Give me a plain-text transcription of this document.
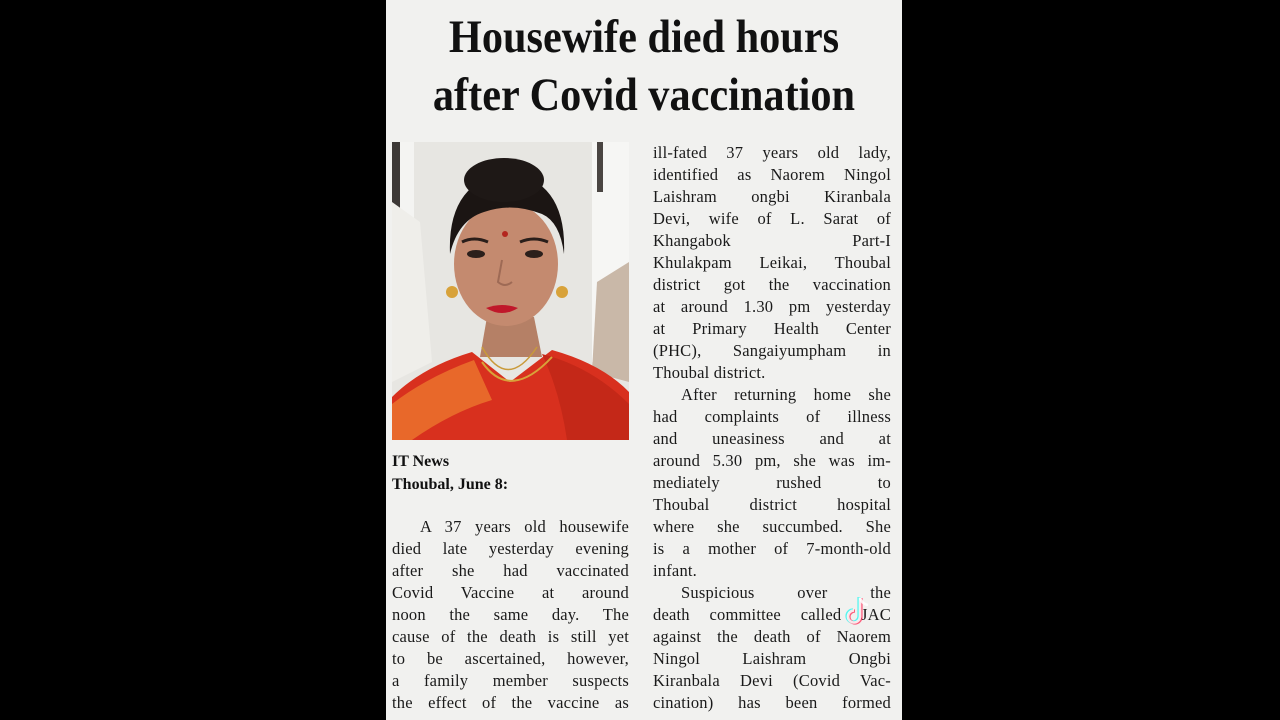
Housewife died hours
after Covid vaccination
IT News
Thoubal, June 8:
A 37 years old housewife
died late yesterday evening
after she had vaccinated
Covid Vaccine at around
noon the same day. The
cause of the death is still yet
to be ascertained, however,
a family member suspects
the effect of the vaccine as
ill-fated 37 years old lady,
identified as Naorem Ningol
Laishram ongbi Kiranbala
Devi, wife of L. Sarat of
Khangabok Part-I
Khulakpam Leikai, Thoubal
district got the vaccination
at around 1.30 pm yesterday
at Primary Health Center
(PHC), Sangaiyumpham in
Thoubal district.
After returning home she
had complaints of illness
and uneasiness and at
around 5.30 pm, she was im-
mediately rushed to
Thoubal district hospital
where she succumbed. She
is a mother of 7-month-old
infant.
Suspicious over the
death committee called JAC
against the death of Naorem
Ningol Laishram Ongbi
Kiranbala Devi (Covid Vac-
cination) has been formed
